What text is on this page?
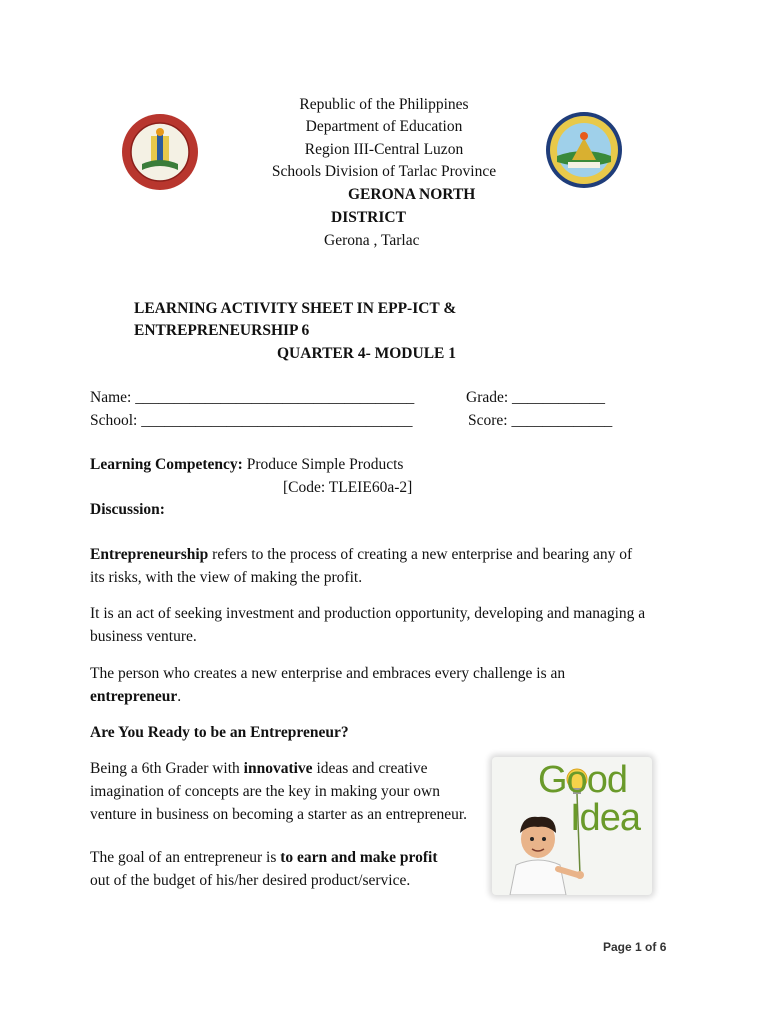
Republic of the Philippines
Department of Education
Region III-Central Luzon
Schools Division of Tarlac Province
GERONA NORTH
DISTRICT
Gerona , Tarlac
LEARNING ACTIVITY SHEET IN EPP-ICT &
ENTREPRENEURSHIP 6
QUARTER 4- MODULE 1
Name: ____________________________________	Grade: ____________
School: ___________________________________	Score: _____________
Learning Competency: Produce Simple Products
[Code: TLEIE60a-2]
Discussion:
Entrepreneurship refers to the process of creating a new enterprise and bearing any of its risks, with the view of making the profit.
It is an act of seeking investment and production opportunity, developing and managing a business venture.
The person who creates a new enterprise and embraces every challenge is an entrepreneur.
Are You Ready to be an Entrepreneur?
Being a 6th Grader with innovative ideas and creative imagination of concepts are the key in making your own venture in business on becoming a starter as an entrepreneur.
The goal of an entrepreneur is to earn and make profit out of the budget of his/her desired product/service.
Good
Idea
Page 1 of 6
